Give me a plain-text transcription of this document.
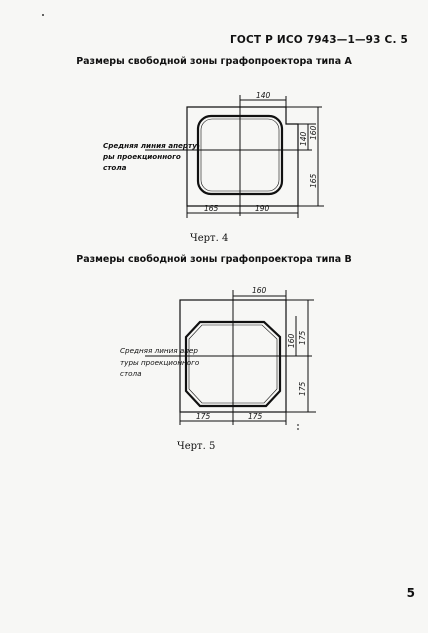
ГОСТ Р ИСО 7943—1—93 С. 5
Размеры свободной зоны графопроектора типа А
140
165	190
140 160
165
Средняя линия аперту-
ры проекционного
стола
Черт. 4
Размеры свободной зоны графопроектора типа В
160
175	175
160 175
175
Средняя линия апер
туры проекционного
стола
Черт. 5
5
